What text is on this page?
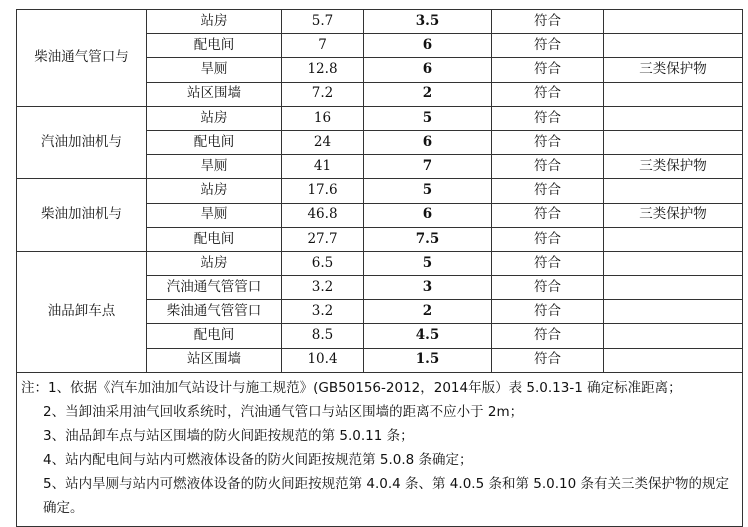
柴油通气管口与	站房	5.7	3.5	符合	
	配电间	7	6	符合	
	旱厕	12.8	6	符合	三类保护物
	站区围墙	7.2	2	符合	
汽油加油机与	站房	16	5	符合	
	配电间	24	6	符合	
	旱厕	41	7	符合	三类保护物
柴油加油机与	站房	17.6	5	符合	
	旱厕	46.8	6	符合	三类保护物
	配电间	27.7	7.5	符合	
油品卸车点	站房	6.5	5	符合	
	汽油通气管管口	3.2	3	符合	
	柴油通气管管口	3.2	2	符合	
	配电间	8.5	4.5	符合	
	站区围墙	10.4	1.5	符合	

注：1、依据《汽车加油加气站设计与施工规范》(GB50156-2012，2014年版）表 5.0.13-1 确定标准距离；
2、当卸油采用油气回收系统时，汽油通气管口与站区围墙的距离不应小于 2m；
3、油品卸车点与站区围墙的防火间距按规范的第 5.0.11 条；
4、站内配电间与站内可燃液体设备的防火间距按规范第 5.0.8 条确定；
5、站内旱厕与站内可燃液体设备的防火间距按规范第 4.0.4 条、第 4.0.5 条和第 5.0.10 条有关三类保护物的规定确定。					
